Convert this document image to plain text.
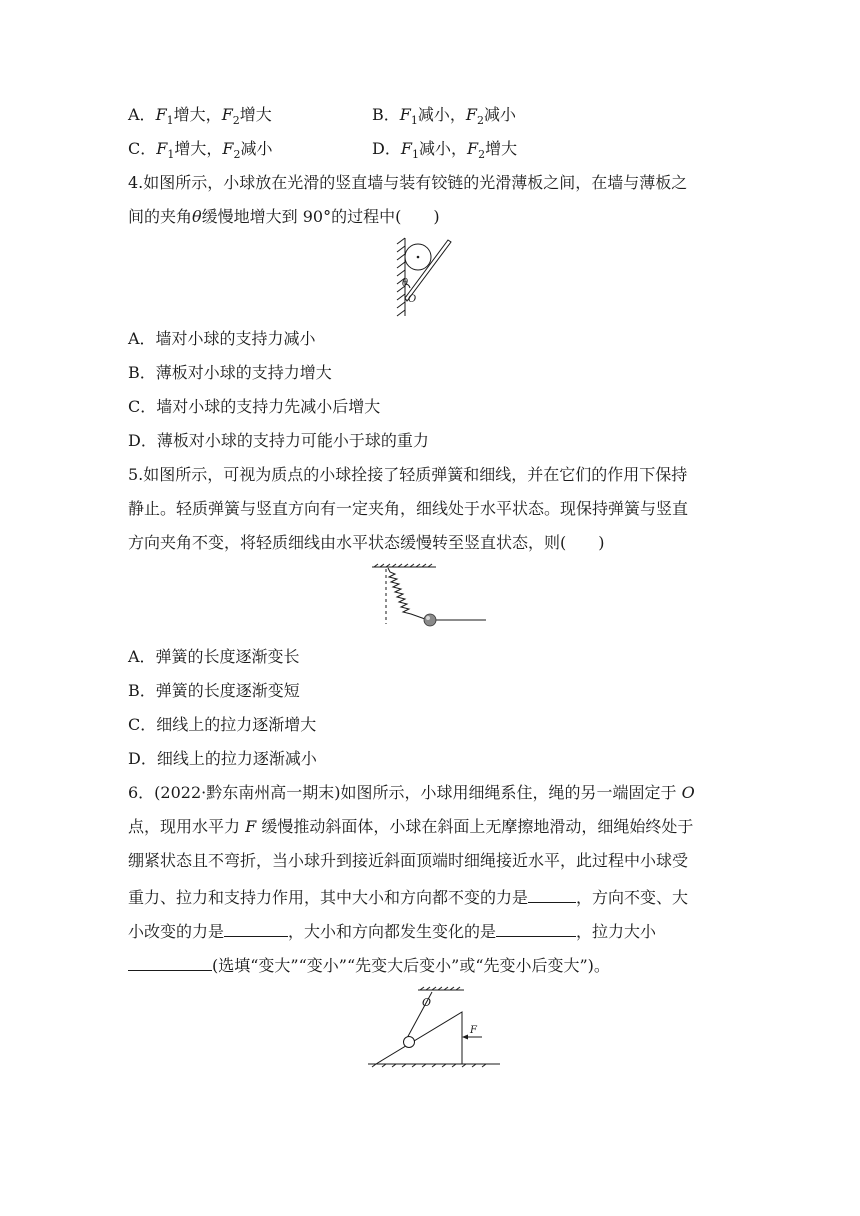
A．$F_1$增大，$F_2$增大	B．$F_1$减小，$F_2$减小
C．$F_1$增大，$F_2$减小	D．$F_1$减小，$F_2$增大
4.如图所示，小球放在光滑的竖直墙与装有铰链的光滑薄板之间，在墙与薄板之
间的夹角θ缓慢地增大到 90°的过程中(　　)
θ
O
A．墙对小球的支持力减小
B．薄板对小球的支持力增大
C．墙对小球的支持力先减小后增大
D．薄板对小球的支持力可能小于球的重力
5.如图所示，可视为质点的小球拴接了轻质弹簧和细线，并在它们的作用下保持
静止。轻质弹簧与竖直方向有一定夹角，细线处于水平状态。现保持弹簧与竖直
方向夹角不变，将轻质细线由水平状态缓慢转至竖直状态，则(　　)
A．弹簧的长度逐渐变长
B．弹簧的长度逐渐变短
C．细线上的拉力逐渐增大
D．细线上的拉力逐渐减小
6．(2022·黔东南州高一期末)如图所示，小球用细绳系住，绳的另一端固定于 O
点，现用水平力 F 缓慢推动斜面体，小球在斜面上无摩擦地滑动，细绳始终处于
绷紧状态且不弯折，当小球升到接近斜面顶端时细绳接近水平，此过程中小球受
重力、拉力和支持力作用，其中大小和方向都不变的力是	，方向不变、大
小改变的力是	，大小和方向都发生变化的是	，拉力大小
(选填“变大”“变小”“先变大后变小”或“先变小后变大”)。
O
F
